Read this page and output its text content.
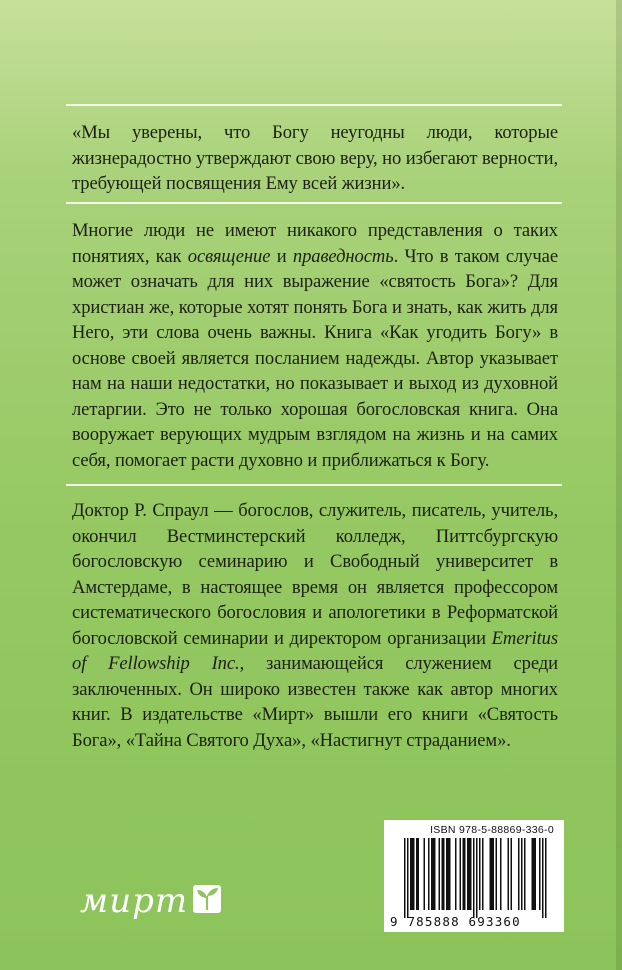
«Мы уверены, что Богу неугодны люди, которые жизнерадостно утверждают свою веру, но избегают верности, требующей посвящения Ему всей жизни».

Многие люди не имеют никакого представления о таких понятиях, как освящение и праведность. Что в таком случае может означать для них выражение «святость Бога»? Для христиан же, которые хотят понять Бога и знать, как жить для Него, эти слова очень важны. Книга «Как угодить Богу» в основе своей является посланием надежды. Автор указывает нам на наши недостатки, но показывает и выход из духовной летаргии. Это не только хорошая богословская книга. Она вооружает верующих мудрым взглядом на жизнь и на самих себя, помогает расти духовно и приближаться к Богу.

Доктор Р. Спраул — богослов, служитель, писатель, учитель, окончил Вестминстерский колледж, Питтсбургскую богословскую семинарию и Свободный университет в Амстердаме, в настоящее время он является профессором систематического богословия и апологетики в Реформатской богословской семинарии и директором организации Emeritus of Fellowship Inc., занимающейся служением среди заключенных. Он широко известен также как автор многих книг. В издательстве «Мирт» вышли его книги «Святость Бога», «Тайна Святого Духа», «Настигнут страданием».

мирт
ISBN 978-5-88869-336-0
9 785888 693360
